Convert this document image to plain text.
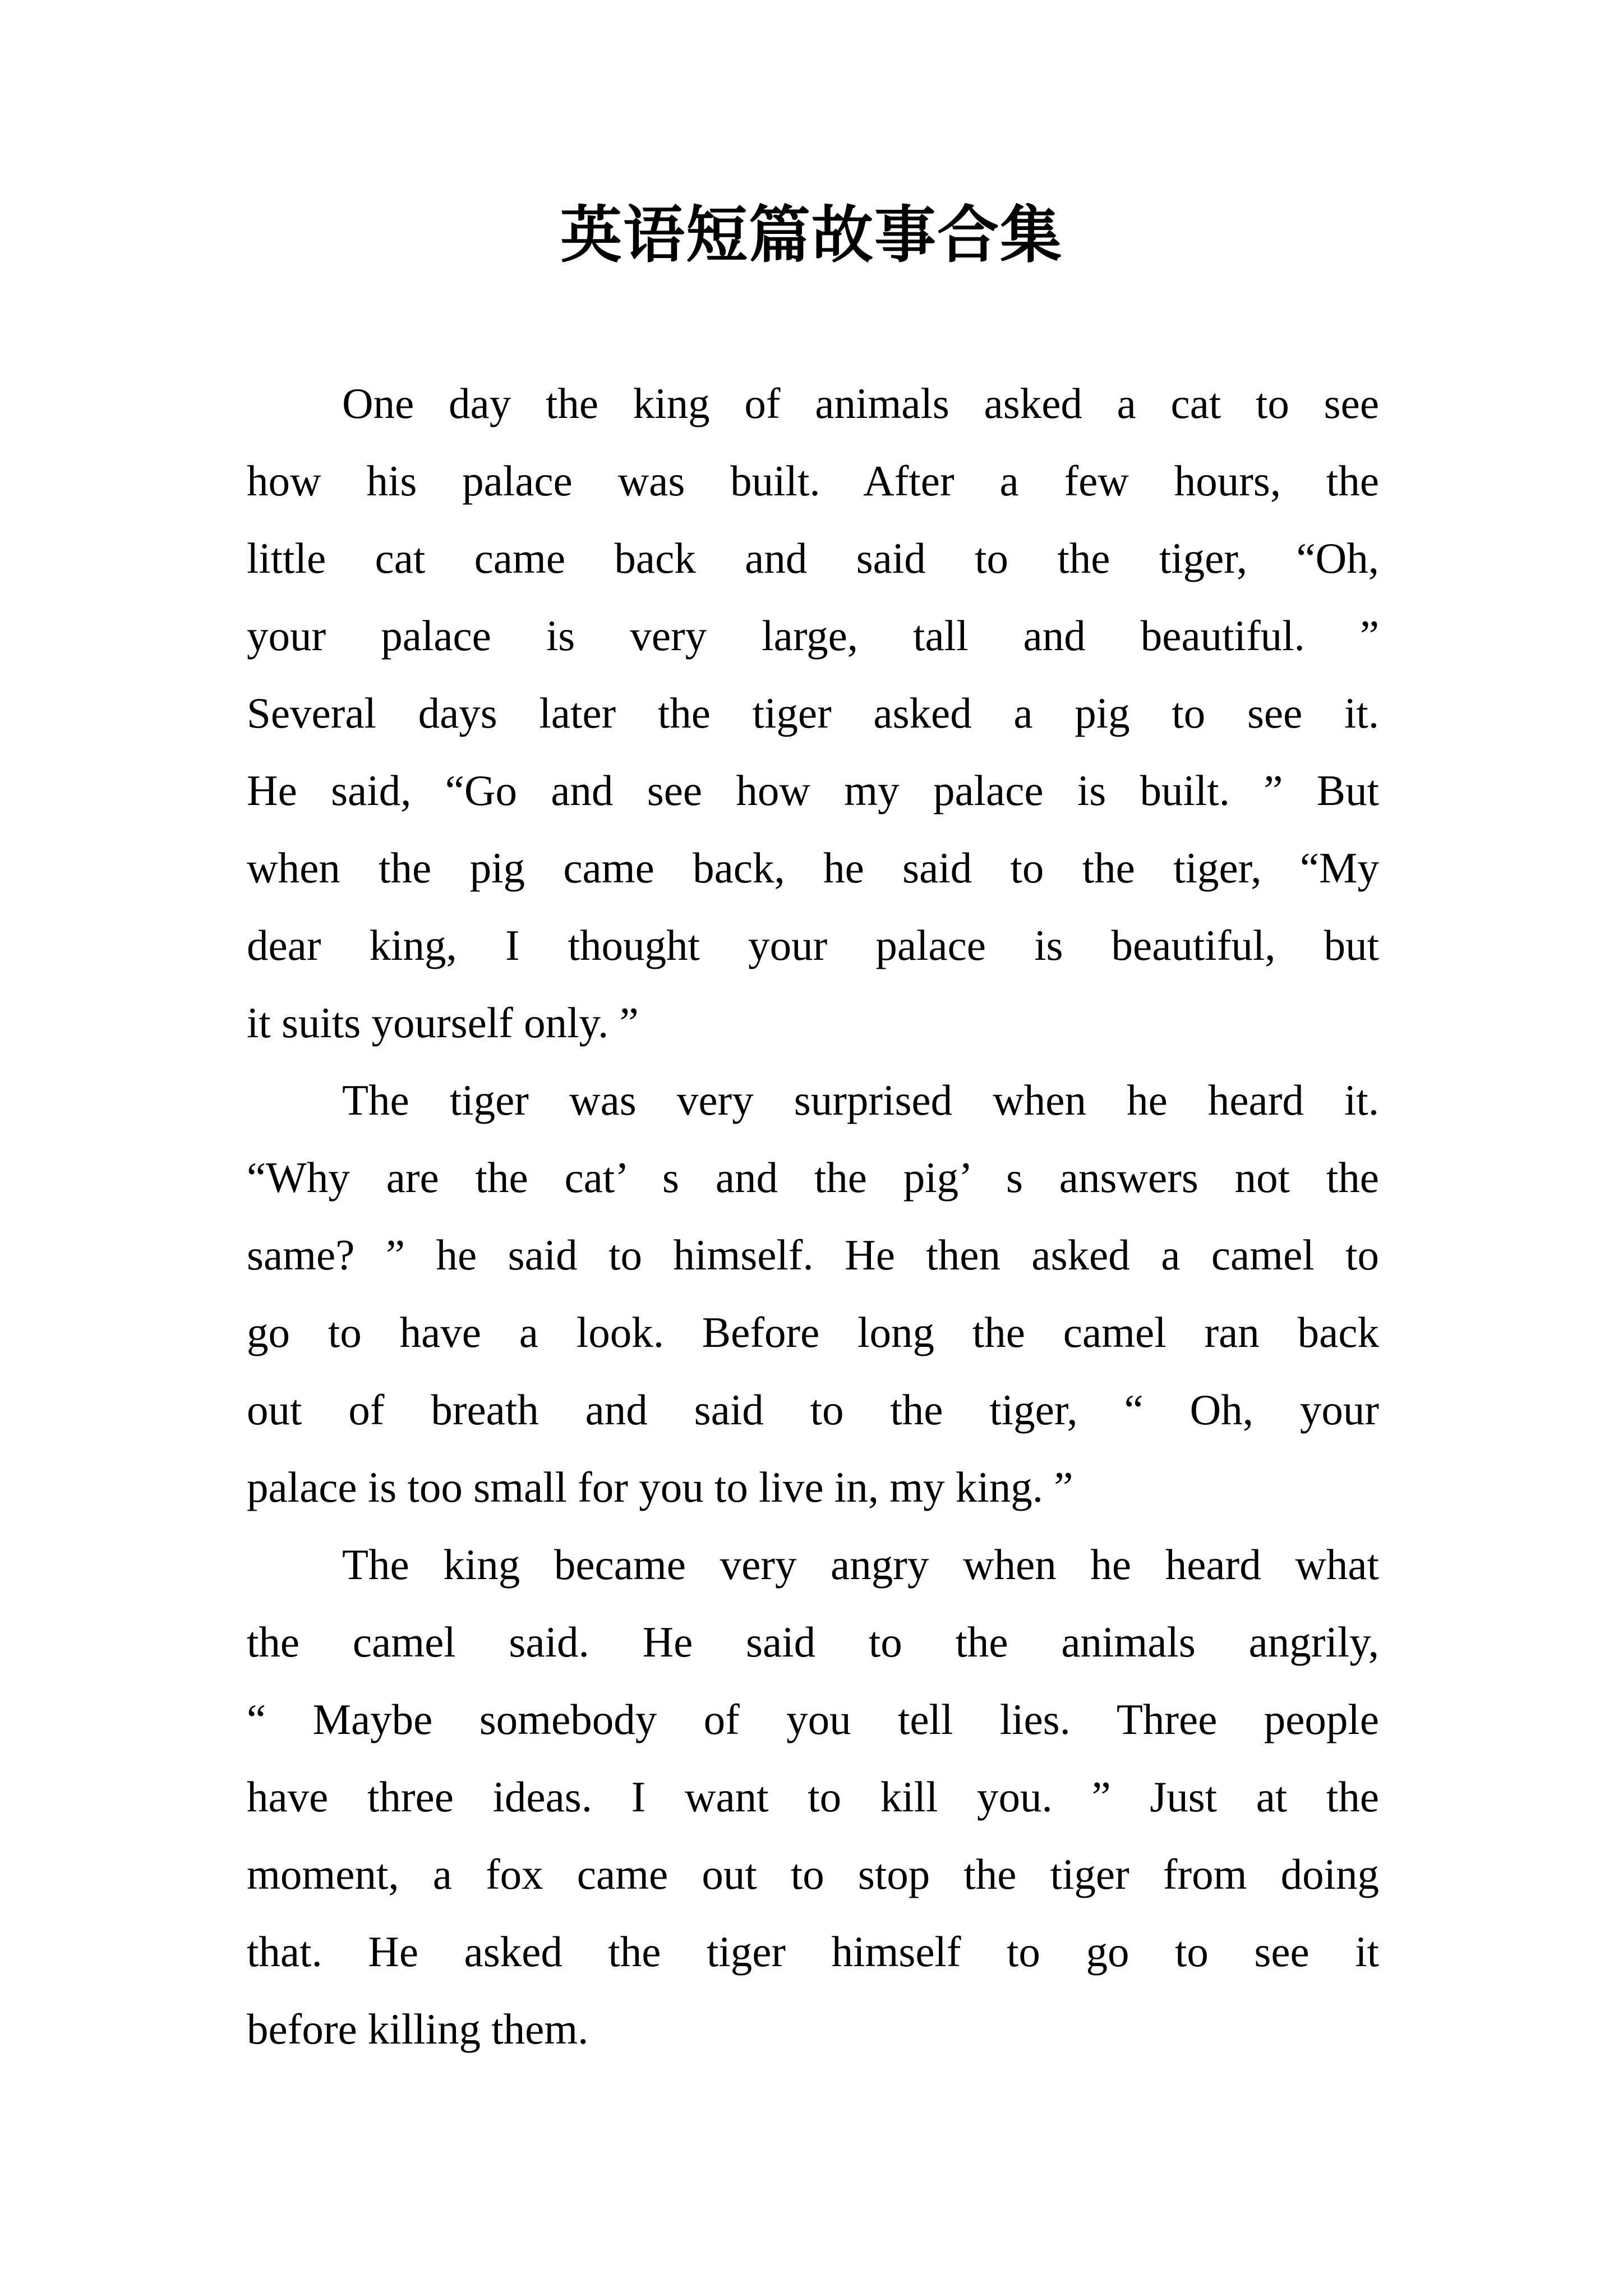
英语短篇故事合集
One day the king of animals asked a cat to see
how his palace was built. After a few hours, the
little cat came back and said to the tiger, “Oh,
your palace is very large, tall and beautiful. ”
Several days later the tiger asked a pig to see it.
He said, “Go and see how my palace is built. ” But
when the pig came back, he said to the tiger, “My
dear king, I thought your palace is beautiful, but
it suits yourself only. ”
The tiger was very surprised when he heard it.
“Why are the cat’ s and the pig’ s answers not the
same? ” he said to himself. He then asked a camel to
go to have a look. Before long the camel ran back
out of breath and said to the tiger, “ Oh, your
palace is too small for you to live in, my king. ”
The king became very angry when he heard what
the camel said. He said to the animals angrily,
“ Maybe somebody of you tell lies. Three people
have three ideas. I want to kill you. ” Just at the
moment, a fox came out to stop the tiger from doing
that. He asked the tiger himself to go to see it
before killing them.
